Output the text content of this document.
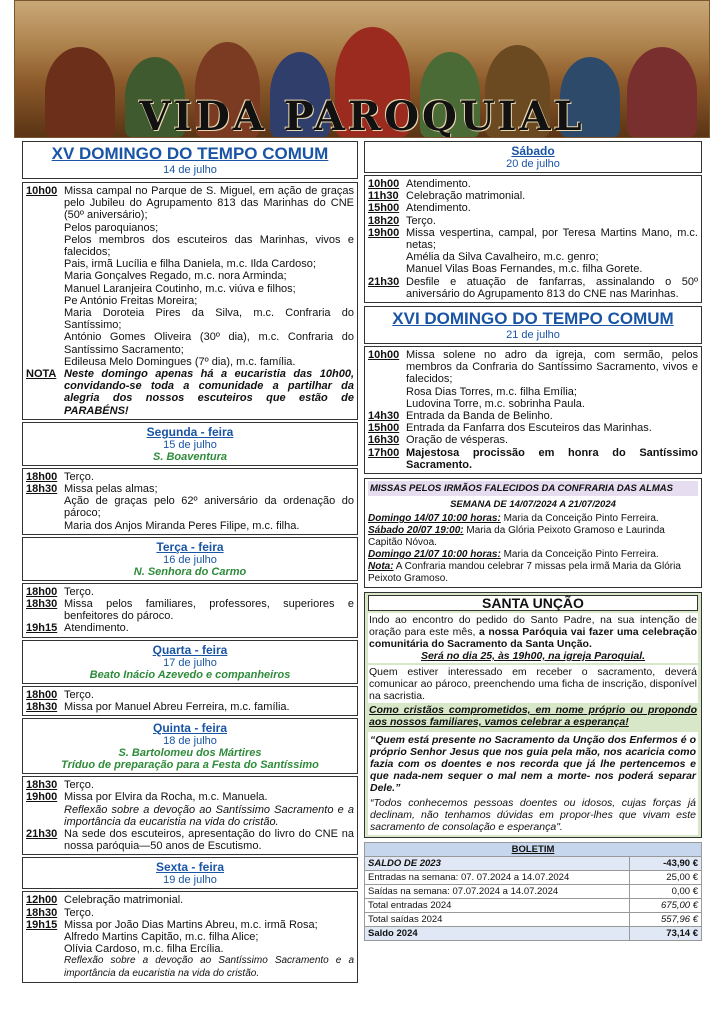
VIDA PAROQUIAL
XV DOMINGO DO TEMPO COMUM
14 de julho
10h00 Missa campal no Parque de S. Miguel, em ação de graças pelo Jubileu do Agrupamento 813 das Marinhas do CNE (50º aniversário);
Pelos paroquianos;
Pelos membros dos escuteiros das Marinhas, vivos e falecidos;
Pais, irmã Lucília e filha Daniela, m.c. Ilda Cardoso;
Maria Gonçalves Regado, m.c. nora Arminda;
Manuel Laranjeira Coutinho, m.c. viúva e filhos;
Pe António Freitas Moreira;
Maria Doroteia Pires da Silva, m.c. Confraria do Santíssimo;
António Gomes Oliveira (30º dia), m.c. Confraria do Santíssimo Sacramento;
Edileusa Melo Domingues (7º dia), m.c. família.
NOTA Neste domingo apenas há a eucaristia das 10h00, convidando-se toda a comunidade a partilhar da alegria dos nossos escuteiros que estão de PARABÉNS!
Segunda - feira
15 de julho
S. Boaventura
18h00 Terço.
18h30 Missa pelas almas;
Ação de graças pelo 62º aniversário da ordenação do pároco;
Maria dos Anjos Miranda Peres Filipe, m.c. filha.
Terça - feira
16 de julho
N. Senhora do Carmo
18h00 Terço.
18h30 Missa pelos familiares, professores, superiores e benfeitores do pároco.
19h15 Atendimento.
Quarta - feira
17 de julho
Beato Inácio Azevedo e companheiros
18h00 Terço.
18h30 Missa por Manuel Abreu Ferreira, m.c. família.
Quinta - feira
18 de julho
S. Bartolomeu dos Mártires
Tríduo de preparação para a Festa do Santíssimo
18h30 Terço.
19h00 Missa por Elvira da Rocha, m.c. Manuela.
Reflexão sobre a devoção ao Santíssimo Sacramento e a importância da eucaristia na vida do cristão.
21h30 Na sede dos escuteiros, apresentação do livro do CNE na nossa paróquia—50 anos de Escutismo.
Sexta - feira
19 de julho
12h00 Celebração matrimonial.
18h30 Terço.
19h15 Missa por João Dias Martins Abreu, m.c. irmã Rosa;
Alfredo Martins Capitão, m.c. filha Alice;
Olívia Cardoso, m.c. filha Ercília.
Reflexão sobre a devoção ao Santíssimo Sacramento e a importância da eucaristia na vida do cristão.
Sábado
20 de julho
10h00 Atendimento.
11h30 Celebração matrimonial.
15h00 Atendimento.
18h20 Terço.
19h00 Missa vespertina, campal, por Teresa Martins Mano, m.c. netas;
Amélia da Silva Cavalheiro, m.c. genro;
Manuel Vilas Boas Fernandes, m.c. filha Gorete.
21h30 Desfile e atuação de fanfarras, assinalando o 50º aniversário do Agrupamento 813 do CNE nas Marinhas.
XVI DOMINGO DO TEMPO COMUM
21 de julho
10h00 Missa solene no adro da igreja, com sermão, pelos membros da Confraria do Santíssimo Sacramento, vivos e falecidos;
Rosa Dias Torres, m.c. filha Emília;
Ludovina Torre, m.c. sobrinha Paula.
14h30 Entrada da Banda de Belinho.
15h00 Entrada da Fanfarra dos Escuteiros das Marinhas.
16h30 Oração de vésperas.
17h00 Majestosa procissão em honra do Santíssimo Sacramento.
MISSAS PELOS IRMÃOS FALECIDOS DA CONFRARIA DAS ALMAS
SEMANA DE 14/07/2024 A 21/07/2024
Domingo 14/07 10:00 horas: Maria da Conceição Pinto Ferreira.
Sábado 20/07 19:00: Maria da Glória Peixoto Gramoso e Laurinda Capitão Nóvoa.
Domingo 21/07 10:00 horas: Maria da Conceição Pinto Ferreira.
Nota: A Confraria mandou celebrar 7 missas pela irmã Maria da Glória Peixoto Gramoso.
SANTA UNÇÃO
Indo ao encontro do pedido do Santo Padre, na sua intenção de oração para este mês, a nossa Paróquia vai fazer uma celebração comunitária do Sacramento da Santa Unção.
Será no dia 25, às 19h00, na igreja Paroquial.
Quem estiver interessado em receber o sacramento, deverá comunicar ao pároco, preenchendo uma ficha de inscrição, disponível na sacristia.
Como cristãos comprometidos, em nome próprio ou propondo aos nossos familiares, vamos celebrar a esperança!
“Quem está presente no Sacramento da Unção dos Enfermos é o próprio Senhor Jesus que nos guia pela mão, nos acaricia como fazia com os doentes e nos recorda que já lhe pertencemos e que nada-nem sequer o mal nem a morte- nos poderá separar Dele.”
“Todos conhecemos pessoas doentes ou idosos, cujas forças já declinam, não tenhamos dúvidas em propor-lhes que vivam este sacramento de consolação e esperança".
BOLETIM	
SALDO DE 2023	-43,90 €
Entradas na semana: 07. 07.2024 a 14.07.2024	25,00 €
Saídas na semana: 07.07.2024 a 14.07.2024	0,00 €
Total entradas 2024	675,00 €
Total saídas 2024	557,96 €
Saldo 2024	73,14 €
